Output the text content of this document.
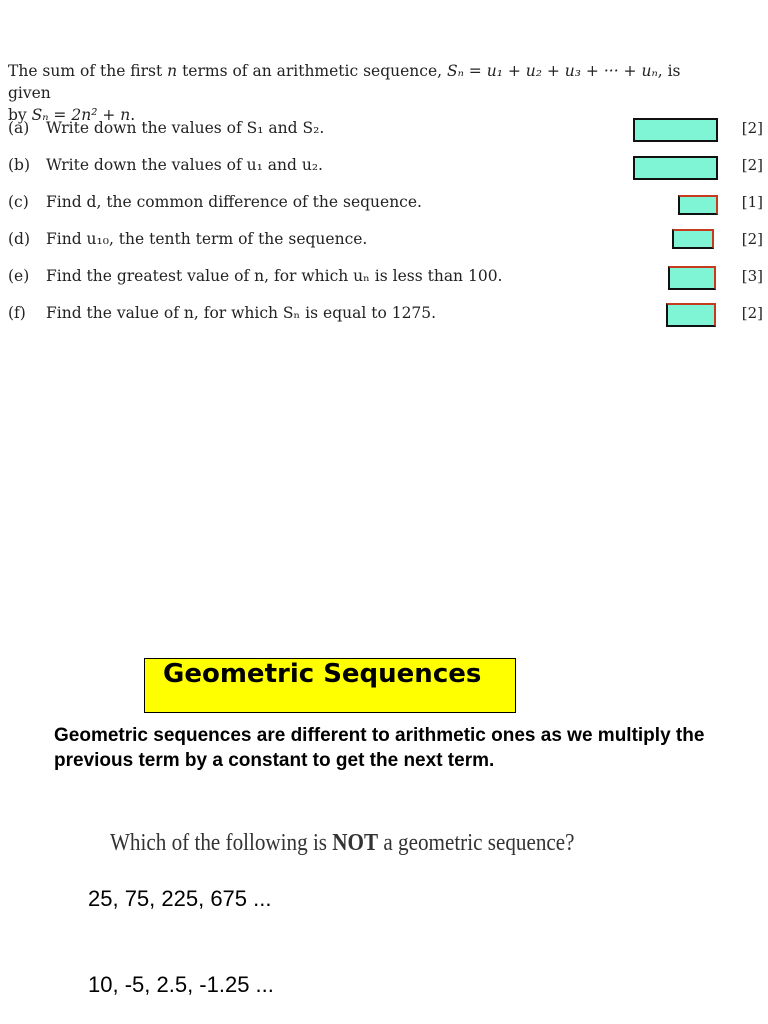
The sum of the first n terms of an arithmetic sequence, Sₙ = u₁ + u₂ + u₃ + ··· + uₙ, is given
by Sₙ = 2n² + n.
(a) Write down the values of S₁ and S₂.
(b) Write down the values of u₁ and u₂.
(c) Find d, the common difference of the sequence.
(d) Find u₁₀, the tenth term of the sequence.
(e) Find the greatest value of n, for which uₙ is less than 100.
(f) Find the value of n, for which Sₙ is equal to 1275.
[2]
[2]
[1]
[2]
[3]
[2]
Geometric Sequences
Geometric sequences are different to arithmetic ones as we multiply the previous term by a constant to get the next term.
Which of the following is NOT a geometric sequence?
25, 75, 225, 675 ...
10, -5, 2.5, -1.25 ...
